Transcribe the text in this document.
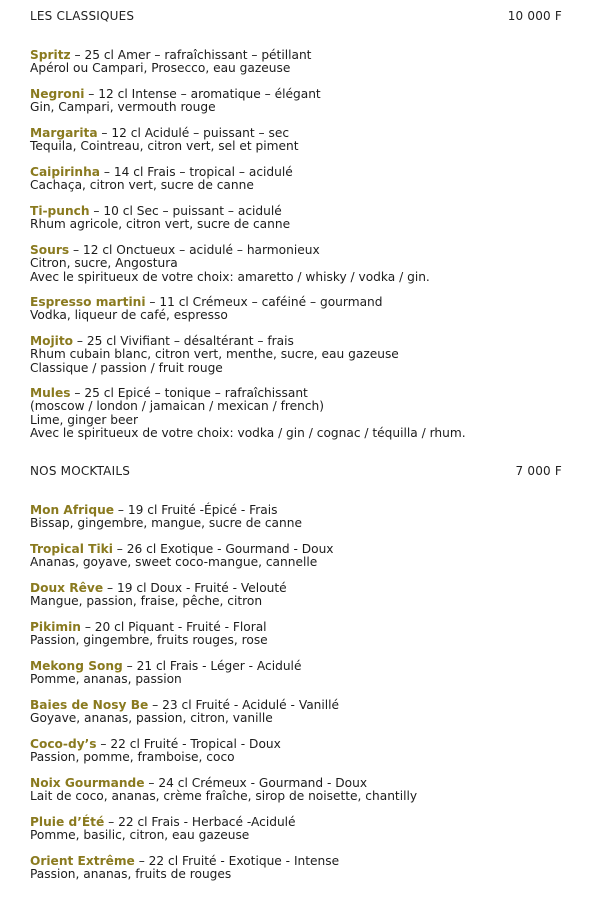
LES CLASSIQUES	10 000 F
Spritz – 25 cl Amer – rafraîchissant – pétillant
Apérol ou Campari, Prosecco, eau gazeuse
Negroni – 12 cl Intense – aromatique – élégant
Gin, Campari, vermouth rouge
Margarita – 12 cl Acidulé – puissant – sec
Tequila, Cointreau, citron vert, sel et piment
Caipirinha – 14 cl Frais – tropical – acidulé
Cachaça, citron vert, sucre de canne
Ti-punch – 10 cl Sec – puissant – acidulé
Rhum agricole, citron vert, sucre de canne
Sours – 12 cl Onctueux – acidulé – harmonieux
Citron, sucre, Angostura
Avec le spiritueux de votre choix: amaretto / whisky / vodka / gin.
Espresso martini – 11 cl Crémeux – caféiné – gourmand
Vodka, liqueur de café, espresso
Mojito – 25 cl Vivifiant – désaltérant – frais
Rhum cubain blanc, citron vert, menthe, sucre, eau gazeuse
Classique / passion / fruit rouge
Mules – 25 cl Epicé – tonique – rafraîchissant
(moscow / london / jamaican / mexican / french)
Lime, ginger beer
Avec le spiritueux de votre choix: vodka / gin / cognac / téquilla / rhum.
NOS MOCKTAILS	7 000 F
Mon Afrique – 19 cl Fruité -Épicé - Frais
Bissap, gingembre, mangue, sucre de canne
Tropical Tiki – 26 cl Exotique - Gourmand - Doux
Ananas, goyave, sweet coco-mangue, cannelle
Doux Rêve – 19 cl Doux - Fruité - Velouté
Mangue, passion, fraise, pêche, citron
Pikimin – 20 cl Piquant - Fruité - Floral
Passion, gingembre, fruits rouges, rose
Mekong Song – 21 cl Frais - Léger - Acidulé
Pomme, ananas, passion
Baies de Nosy Be – 23 cl Fruité - Acidulé - Vanillé
Goyave, ananas, passion, citron, vanille
Coco-dy’s – 22 cl Fruité - Tropical - Doux
Passion, pomme, framboise, coco
Noix Gourmande – 24 cl Crémeux - Gourmand - Doux
Lait de coco, ananas, crème fraîche, sirop de noisette, chantilly
Pluie d’Été – 22 cl Frais - Herbacé -Acidulé
Pomme, basilic, citron, eau gazeuse
Orient Extrême – 22 cl Fruité - Exotique - Intense
Passion, ananas, fruits de rouges
